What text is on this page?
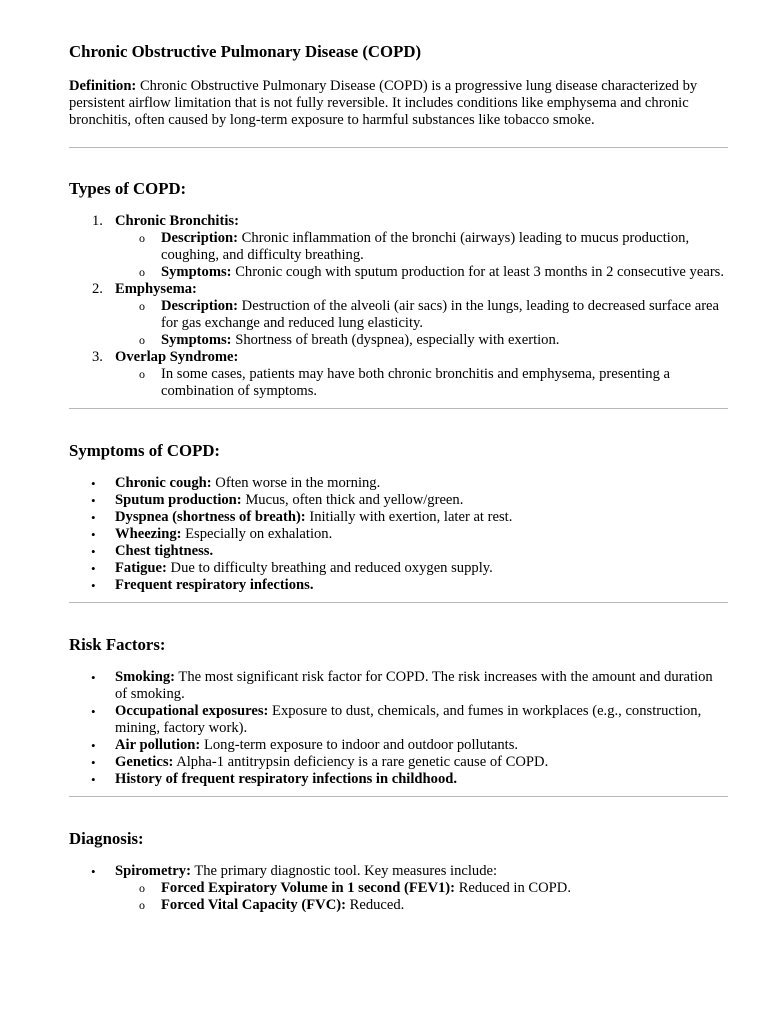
Chronic Obstructive Pulmonary Disease (COPD)

Definition: Chronic Obstructive Pulmonary Disease (COPD) is a progressive lung disease characterized by persistent airflow limitation that is not fully reversible. It includes conditions like emphysema and chronic bronchitis, often caused by long-term exposure to harmful substances like tobacco smoke.

Types of COPD:
Chronic Bronchitis:
o Description: Chronic inflammation of the bronchi (airways) leading to mucus production, coughing, and difficulty breathing.
o Symptoms: Chronic cough with sputum production for at least 3 months in 2 consecutive years.
Emphysema:
o Description: Destruction of the alveoli (air sacs) in the lungs, leading to decreased surface area for gas exchange and reduced lung elasticity.
o Symptoms: Shortness of breath (dyspnea), especially with exertion.
Overlap Syndrome:
o In some cases, patients may have both chronic bronchitis and emphysema, presenting a combination of symptoms.
Symptoms of COPD:
• Chronic cough: Often worse in the morning.
• Sputum production: Mucus, often thick and yellow/green.
• Dyspnea (shortness of breath): Initially with exertion, later at rest.
• Wheezing: Especially on exhalation.
• Chest tightness.
• Fatigue: Due to difficulty breathing and reduced oxygen supply.
• Frequent respiratory infections.
Risk Factors:
• Smoking: The most significant risk factor for COPD. The risk increases with the amount and duration of smoking.
• Occupational exposures: Exposure to dust, chemicals, and fumes in workplaces (e.g., construction, mining, factory work).
• Air pollution: Long-term exposure to indoor and outdoor pollutants.
• Genetics: Alpha-1 antitrypsin deficiency is a rare genetic cause of COPD.
• History of frequent respiratory infections in childhood.
Diagnosis:
• Spirometry: The primary diagnostic tool. Key measures include:
o Forced Expiratory Volume in 1 second (FEV1): Reduced in COPD.
o Forced Vital Capacity (FVC): Reduced.
